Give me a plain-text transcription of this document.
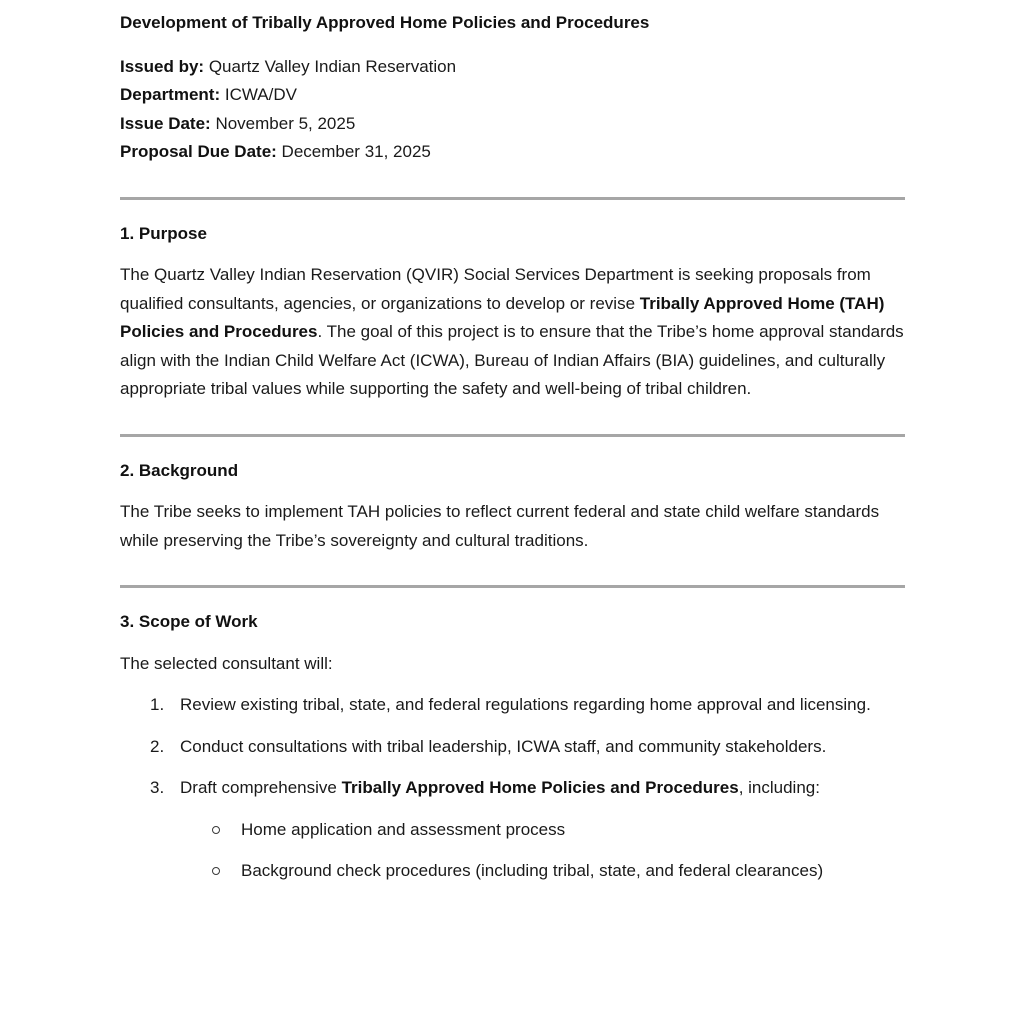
Development of Tribally Approved Home Policies and Procedures
Issued by: Quartz Valley Indian Reservation
Department: ICWA/DV
Issue Date: November 5, 2025
Proposal Due Date: December 31, 2025
1. Purpose

The Quartz Valley Indian Reservation (QVIR) Social Services Department is seeking proposals from qualified consultants, agencies, or organizations to develop or revise Tribally Approved Home (TAH) Policies and Procedures. The goal of this project is to ensure that the Tribe’s home approval standards align with the Indian Child Welfare Act (ICWA), Bureau of Indian Affairs (BIA) guidelines, and culturally appropriate tribal values while supporting the safety and well-being of tribal children.

2. Background

The Tribe seeks to implement TAH policies to reflect current federal and state child welfare standards while preserving the Tribe’s sovereignty and cultural traditions.

3. Scope of Work

The selected consultant will:

1. Review existing tribal, state, and federal regulations regarding home approval and licensing.
2. Conduct consultations with tribal leadership, ICWA staff, and community stakeholders.
3. Draft comprehensive Tribally Approved Home Policies and Procedures, including:
Home application and assessment process
Background check procedures (including tribal, state, and federal clearances)
